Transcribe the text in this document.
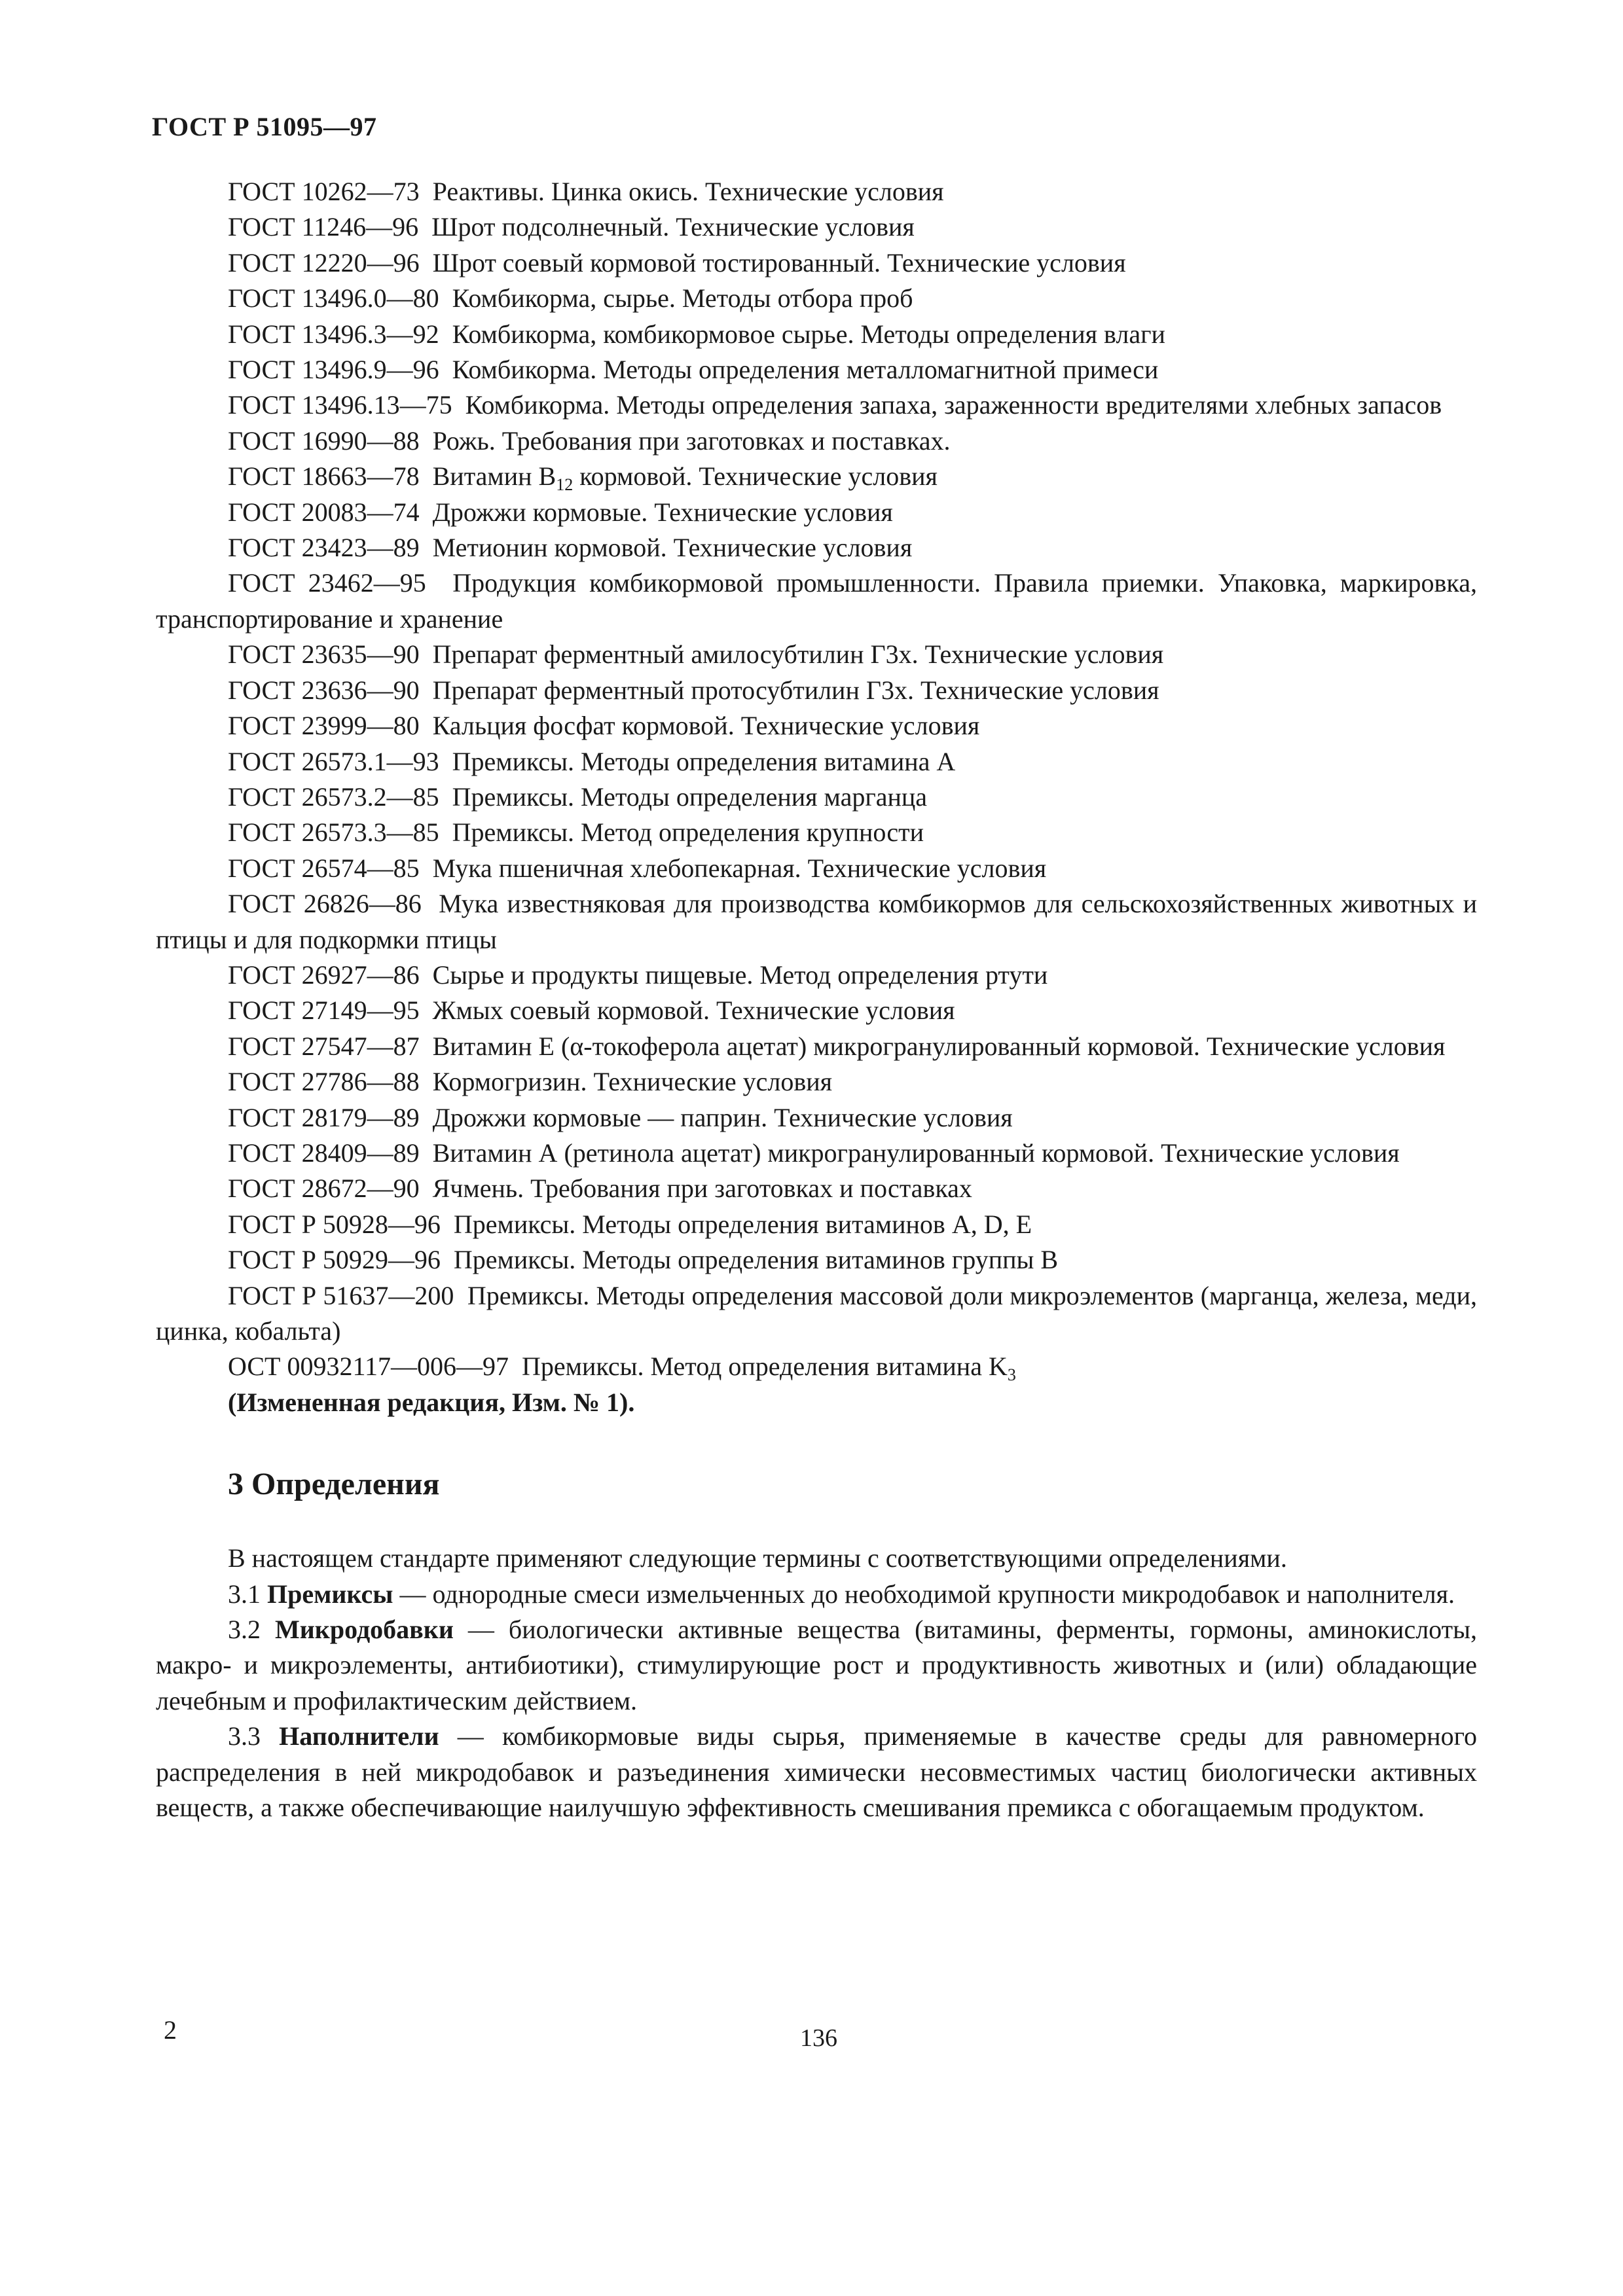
ГОСТ Р 51095—97

ГОСТ 10262—73 Реактивы. Цинка окись. Технические условия

ГОСТ 11246—96 Шрот подсолнечный. Технические условия

ГОСТ 12220—96 Шрот соевый кормовой тостированный. Технические условия

ГОСТ 13496.0—80 Комбикорма, сырье. Методы отбора проб

ГОСТ 13496.3—92 Комбикорма, комбикормовое сырье. Методы определения влаги

ГОСТ 13496.9—96 Комбикорма. Методы определения металломагнитной примеси

ГОСТ 13496.13—75 Комбикорма. Методы определения запаха, зараженности вредителями хлебных запасов

ГОСТ 16990—88 Рожь. Требования при заготовках и поставках.

ГОСТ 18663—78 Витамин $B_{12}$ кормовой. Технические условия

ГОСТ 20083—74 Дрожжи кормовые. Технические условия

ГОСТ 23423—89 Метионин кормовой. Технические условия

ГОСТ 23462—95 Продукция комбикормовой промышленности. Правила приемки. Упаковка, маркировка, транспортирование и хранение

ГОСТ 23635—90 Препарат ферментный амилосубтилин Г3х. Технические условия

ГОСТ 23636—90 Препарат ферментный протосубтилин Г3х. Технические условия

ГОСТ 23999—80 Кальция фосфат кормовой. Технические условия

ГОСТ 26573.1—93 Премиксы. Методы определения витамина А

ГОСТ 26573.2—85 Премиксы. Методы определения марганца

ГОСТ 26573.3—85 Премиксы. Метод определения крупности

ГОСТ 26574—85 Мука пшеничная хлебопекарная. Технические условия

ГОСТ 26826—86 Мука известняковая для производства комбикормов для сельскохозяйственных животных и птицы и для подкормки птицы

ГОСТ 26927—86 Сырье и продукты пищевые. Метод определения ртути

ГОСТ 27149—95 Жмых соевый кормовой. Технические условия

ГОСТ 27547—87 Витамин Е (α-токоферола ацетат) микрогранулированный кормовой. Технические условия

ГОСТ 27786—88 Кормогризин. Технические условия

ГОСТ 28179—89 Дрожжи кормовые — паприн. Технические условия

ГОСТ 28409—89 Витамин А (ретинола ацетат) микрогранулированный кормовой. Технические условия

ГОСТ 28672—90 Ячмень. Требования при заготовках и поставках

ГОСТ Р 50928—96 Премиксы. Методы определения витаминов А, D, Е

ГОСТ Р 50929—96 Премиксы. Методы определения витаминов группы В

ГОСТ Р 51637—200 Премиксы. Методы определения массовой доли микроэлементов (марганца, железа, меди, цинка, кобальта)

ОСТ 00932117—006—97 Премиксы. Метод определения витамина $K_3$

(Измененная редакция, Изм. № 1).

3 Определения

В настоящем стандарте применяют следующие термины с соответствующими определениями.

3.1 Премиксы — однородные смеси измельченных до необходимой крупности микродобавок и наполнителя.

3.2 Микродобавки — биологически активные вещества (витамины, ферменты, гормоны, аминокислоты, макро- и микроэлементы, антибиотики), стимулирующие рост и продуктивность животных и (или) обладающие лечебным и профилактическим действием.

3.3 Наполнители — комбикормовые виды сырья, применяемые в качестве среды для равномерного распределения в ней микродобавок и разъединения химически несовместимых частиц биологически активных веществ, а также обеспечивающие наилучшую эффективность смешивания премикса с обогащаемым продуктом.

2	136
